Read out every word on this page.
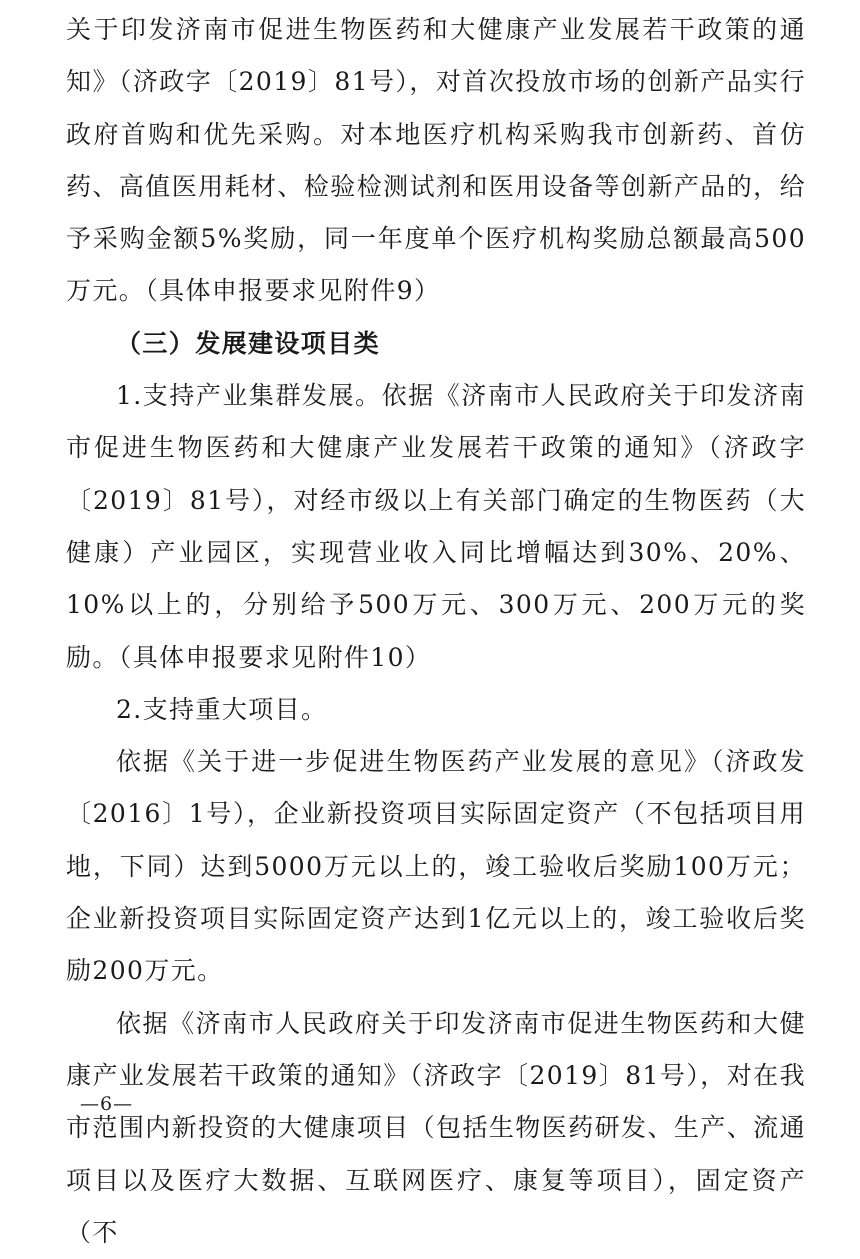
关于印发济南市促进生物医药和大健康产业发展若干政策的通知》（济政字〔2019〕81号），对首次投放市场的创新产品实行政府首购和优先采购。对本地医疗机构采购我市创新药、首仿药、高值医用耗材、检验检测试剂和医用设备等创新产品的，给予采购金额5%奖励，同一年度单个医疗机构奖励总额最高500万元。（具体申报要求见附件9）

（三）发展建设项目类

1.支持产业集群发展。依据《济南市人民政府关于印发济南市促进生物医药和大健康产业发展若干政策的通知》（济政字〔2019〕81号），对经市级以上有关部门确定的生物医药（大健康）产业园区，实现营业收入同比增幅达到30%、20%、10%以上的，分别给予500万元、300万元、200万元的奖励。（具体申报要求见附件10）

2.支持重大项目。

依据《关于进一步促进生物医药产业发展的意见》（济政发〔2016〕1号），企业新投资项目实际固定资产（不包括项目用地，下同）达到5000万元以上的，竣工验收后奖励100万元；企业新投资项目实际固定资产达到1亿元以上的，竣工验收后奖励200万元。

依据《济南市人民政府关于印发济南市促进生物医药和大健康产业发展若干政策的通知》（济政字〔2019〕81号），对在我市范围内新投资的大健康项目（包括生物医药研发、生产、流通项目以及医疗大数据、互联网医疗、康复等项目），固定资产（不

—6—
